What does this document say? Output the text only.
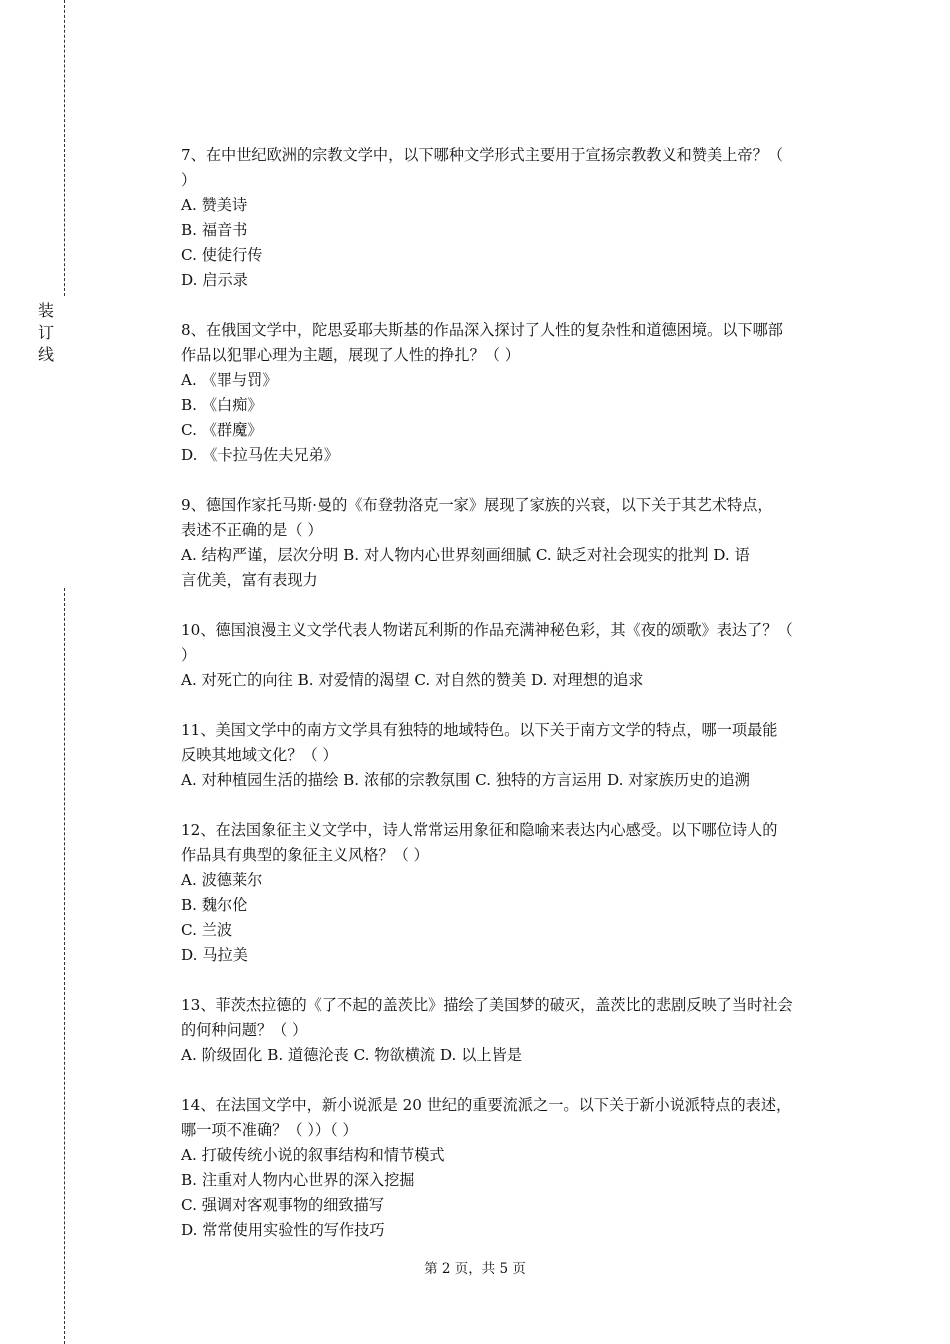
装
订
线
7、在中世纪欧洲的宗教文学中，以下哪种文学形式主要用于宣扬宗教教义和赞美上帝？（
）
A. 赞美诗
B. 福音书
C. 使徒行传
D. 启示录
8、在俄国文学中，陀思妥耶夫斯基的作品深入探讨了人性的复杂性和道德困境。以下哪部
作品以犯罪心理为主题，展现了人性的挣扎？（ ）
A. 《罪与罚》
B. 《白痴》
C. 《群魔》
D. 《卡拉马佐夫兄弟》
9、德国作家托马斯·曼的《布登勃洛克一家》展现了家族的兴衰，以下关于其艺术特点，
表述不正确的是（ ）
A. 结构严谨，层次分明 B. 对人物内心世界刻画细腻 C. 缺乏对社会现实的批判 D. 语
言优美，富有表现力
10、德国浪漫主义文学代表人物诺瓦利斯的作品充满神秘色彩，其《夜的颂歌》表达了？（
）
A. 对死亡的向往 B. 对爱情的渴望 C. 对自然的赞美 D. 对理想的追求
11、美国文学中的南方文学具有独特的地域特色。以下关于南方文学的特点，哪一项最能
反映其地域文化？（ ）
A. 对种植园生活的描绘 B. 浓郁的宗教氛围 C. 独特的方言运用 D. 对家族历史的追溯
12、在法国象征主义文学中，诗人常常运用象征和隐喻来表达内心感受。以下哪位诗人的
作品具有典型的象征主义风格？（ ）
A. 波德莱尔
B. 魏尔伦
C. 兰波
D. 马拉美
13、菲茨杰拉德的《了不起的盖茨比》描绘了美国梦的破灭，盖茨比的悲剧反映了当时社会
的何种问题？（ ）
A. 阶级固化 B. 道德沦丧 C. 物欲横流 D. 以上皆是
14、在法国文学中，新小说派是 20 世纪的重要流派之一。以下关于新小说派特点的表述，
哪一项不准确？（ ））（ ）
A. 打破传统小说的叙事结构和情节模式
B. 注重对人物内心世界的深入挖掘
C. 强调对客观事物的细致描写
D. 常常使用实验性的写作技巧
第 2 页，共 5 页
